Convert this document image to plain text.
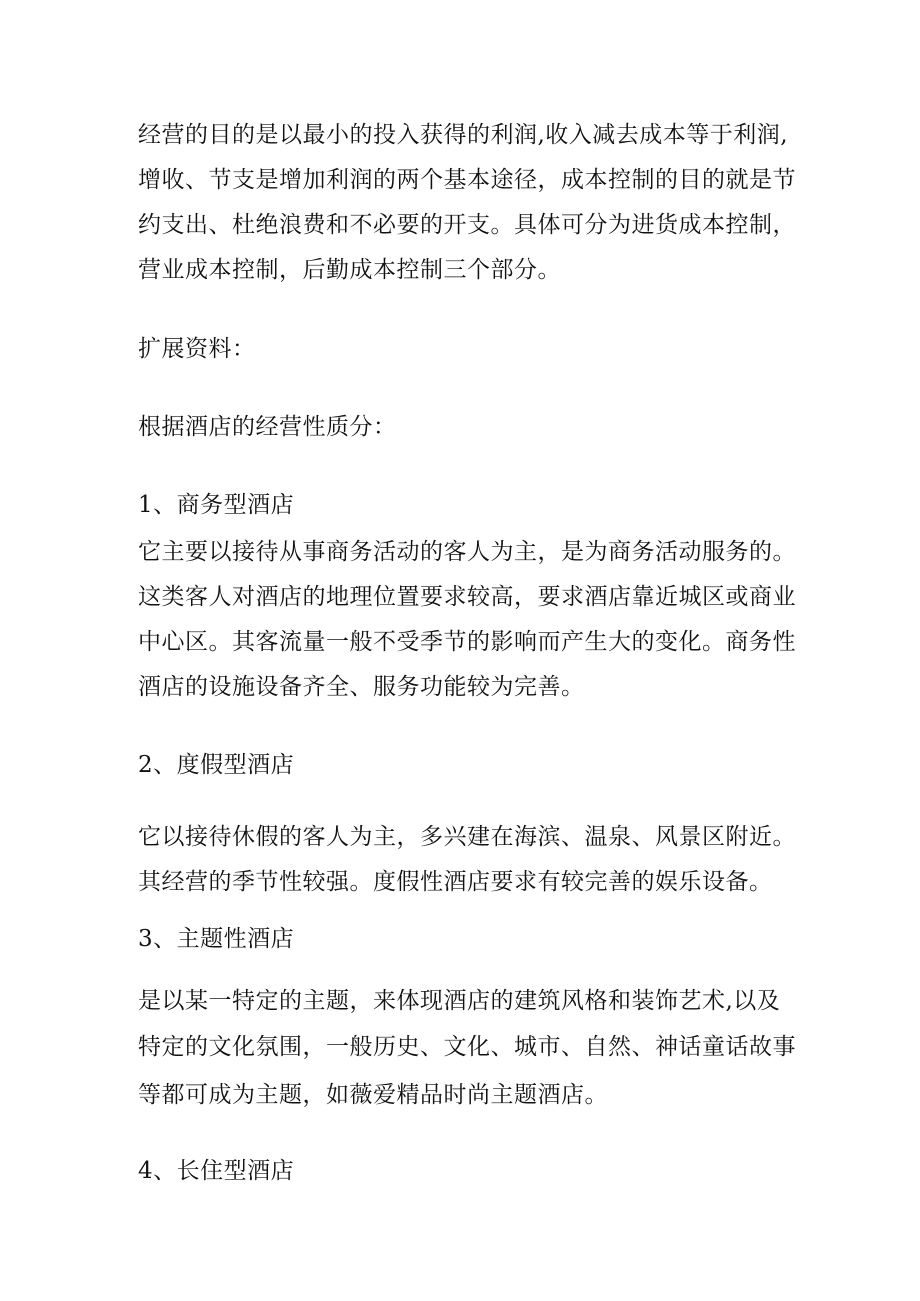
经营的目的是以最小的投入获得的利润,收入减去成本等于利润,
增收、节支是增加利润的两个基本途径，成本控制的目的就是节
约支出、杜绝浪费和不必要的开支。具体可分为进货成本控制，
营业成本控制，后勤成本控制三个部分。
扩展资料：
根据酒店的经营性质分：
1、商务型酒店
它主要以接待从事商务活动的客人为主，是为商务活动服务的。
这类客人对酒店的地理位置要求较高，要求酒店靠近城区或商业
中心区。其客流量一般不受季节的影响而产生大的变化。商务性
酒店的设施设备齐全、服务功能较为完善。
2、度假型酒店
它以接待休假的客人为主，多兴建在海滨、温泉、风景区附近。
其经营的季节性较强。度假性酒店要求有较完善的娱乐设备。
3、主题性酒店
是以某一特定的主题，来体现酒店的建筑风格和装饰艺术,以及
特定的文化氛围，一般历史、文化、城市、自然、神话童话故事
等都可成为主题，如薇爱精品时尚主题酒店。
4、长住型酒店
